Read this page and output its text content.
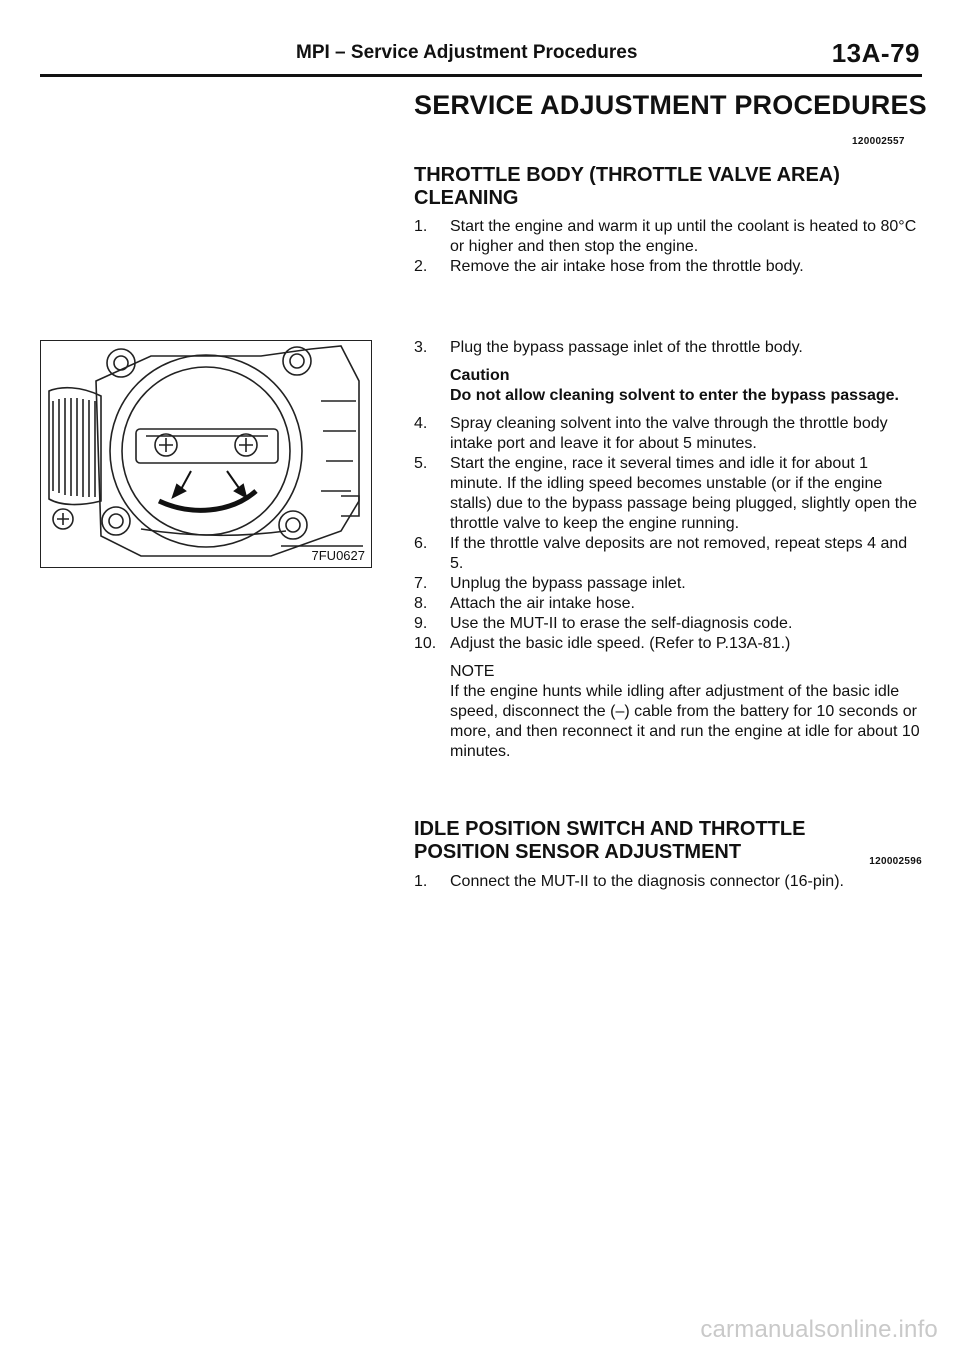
MPI – Service Adjustment Procedures	13A-79
SERVICE ADJUSTMENT PROCEDURES
120002557
THROTTLE BODY (THROTTLE VALVE AREA) CLEANING
1. Start the engine and warm it up until the coolant is heated to 80°C or higher and then stop the engine.
2. Remove the air intake hose from the throttle body.
3. Plug the bypass passage inlet of the throttle body.
Caution
Do not allow cleaning solvent to enter the bypass passage.
4. Spray cleaning solvent into the valve through the throttle body intake port and leave it for about 5 minutes.
5. Start the engine, race it several times and idle it for about 1 minute. If the idling speed becomes unstable (or if the engine stalls) due to the bypass passage being plugged, slightly open the throttle valve to keep the engine running.
6. If the throttle valve deposits are not removed, repeat steps 4 and 5.
7. Unplug the bypass passage inlet.
8. Attach the air intake hose.
9. Use the MUT-II to erase the self-diagnosis code.
10. Adjust the basic idle speed. (Refer to P.13A-81.)
NOTE
If the engine hunts while idling after adjustment of the basic idle speed, disconnect the (–) cable from the battery for 10 seconds or more, and then reconnect it and run the engine at idle for about 10 minutes.
IDLE POSITION SWITCH AND THROTTLE
POSITION SENSOR ADJUSTMENT	120002596
1. Connect the MUT-II to the diagnosis connector (16-pin).
7FU0627
carmanualsonline.info
